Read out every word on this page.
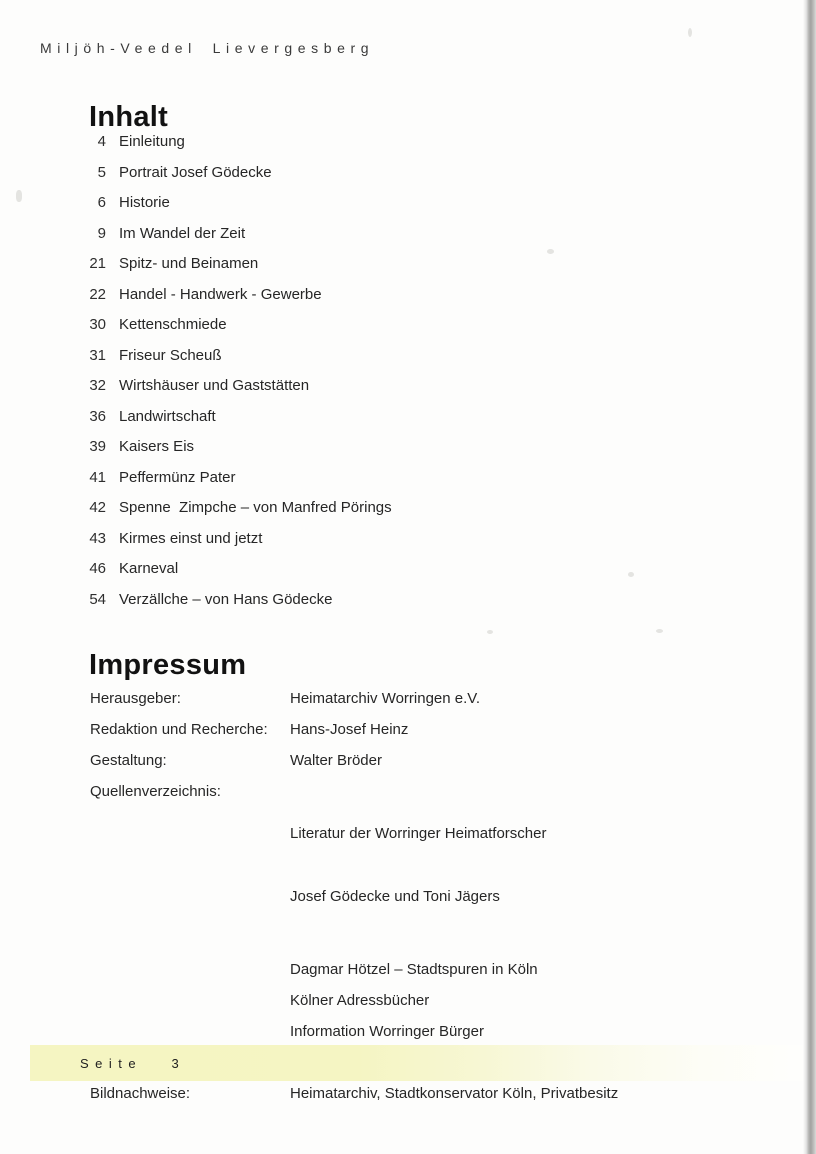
Miljöh-Veedel Lievergesberg
Inhalt
4 Einleitung
5 Portrait Josef Gödecke
6 Historie
9 Im Wandel der Zeit
21 Spitz- und Beinamen
22 Handel - Handwerk - Gewerbe
30 Kettenschmiede
31 Friseur Scheuß
32 Wirtshäuser und Gaststätten
36 Landwirtschaft
39 Kaisers Eis
41 Peffermünz Pater
42 Spenne  Zimpche – von Manfred Pörings
43 Kirmes einst und jetzt
46 Karneval
54 Verzällche – von Hans Gödecke
Impressum
Herausgeber:	Heimatarchiv Worringen e.V.
Redaktion und Recherche:	Hans-Josef Heinz
Gestaltung:	Walter Bröder
Quellenverzeichnis:

Literatur der Worringer Heimatforscher

Josef Gödecke und Toni Jägers

Dagmar Hötzel – Stadtspuren in Köln
Kölner Adressbücher
Information Worringer Bürger
Bildnachweise:	Heimatarchiv, Stadtkonservator Köln, Privatbesitz
Seite  3
